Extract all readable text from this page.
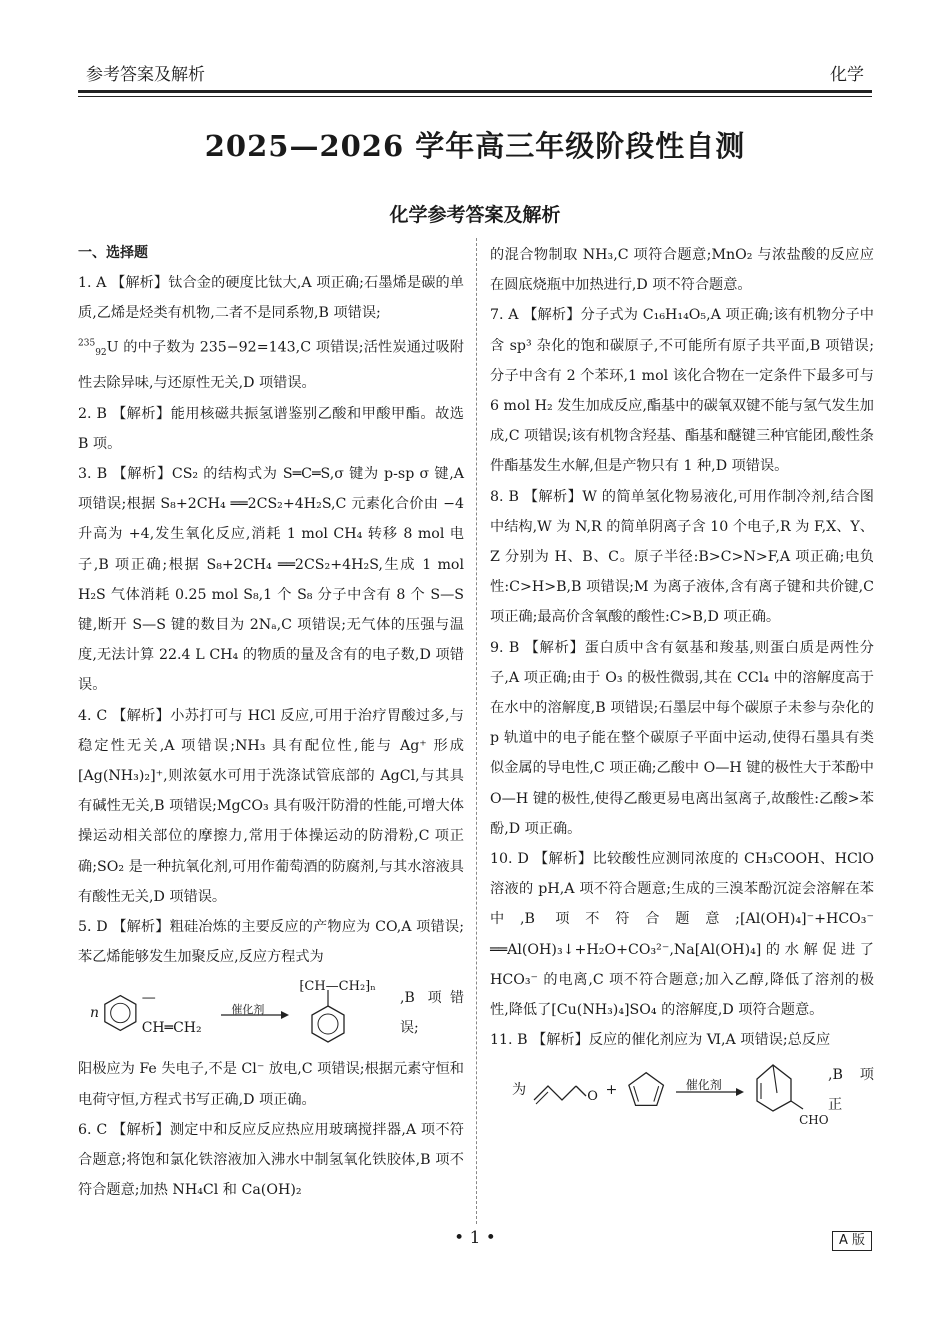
参考答案及解析	化学
2025—2026 学年高三年级阶段性自测
化学参考答案及解析
一、选择题

1. A 【解析】钛合金的硬度比钛大,A 项正确;石墨烯是碳的单质,乙烯是烃类有机物,二者不是同系物,B 项错误;

$^{235}_{92}$U 的中子数为 235−92=143,C 项错误;活性炭通过吸附性去除异味,与还原性无关,D 项错误。

2. B 【解析】能用核磁共振氢谱鉴别乙酸和甲酸甲酯。故选 B 项。

3. B 【解析】CS₂ 的结构式为 S═C═S,σ 键为 p-sp σ 键,A 项错误;根据 S₈+2CH₄ ══2CS₂+4H₂S,C 元素化合价由 −4 升高为 +4,发生氧化反应,消耗 1 mol CH₄ 转移 8 mol 电子,B 项正确;根据 S₈+2CH₄ ══2CS₂+4H₂S,生成 1 mol H₂S 气体消耗 0.25 mol S₈,1 个 S₈ 分子中含有 8 个 S—S 键,断开 S—S 键的数目为 2Nₐ,C 项错误;无气体的压强与温度,无法计算 22.4 L CH₄ 的物质的量及含有的电子数,D 项错误。

4. C 【解析】小苏打可与 HCl 反应,可用于治疗胃酸过多,与稳定性无关,A 项错误;NH₃ 具有配位性,能与 Ag⁺ 形成[Ag(NH₃)₂]⁺,则浓氨水可用于洗涤试管底部的 AgCl,与其具有碱性无关,B 项错误;MgCO₃ 具有吸汗防滑的性能,可增大体操运动相关部位的摩擦力,常用于体操运动的防滑粉,C 项正确;SO₂ 是一种抗氧化剂,可用作葡萄酒的防腐剂,与其水溶液具有酸性无关,D 项错误。

5. D 【解析】粗硅冶炼的主要反应的产物应为 CO,A 项错误;苯乙烯能够发生加聚反应,反应方程式为

n
—CH═CH₂
催化剂
⁅CH—CH₂⁆ₙ
,B 项错误;

阳极应为 Fe 失电子,不是 Cl⁻ 放电,C 项错误;根据元素守恒和电荷守恒,方程式书写正确,D 项正确。

6. C 【解析】测定中和反应反应热应用玻璃搅拌器,A 项不符合题意;将饱和氯化铁溶液加入沸水中制氢氧化铁胶体,B 项不符合题意;加热 NH₄Cl 和 Ca(OH)₂

的混合物制取 NH₃,C 项符合题意;MnO₂ 与浓盐酸的反应应在圆底烧瓶中加热进行,D 项不符合题意。

7. A 【解析】分子式为 C₁₆H₁₄O₅,A 项正确;该有机物分子中含 sp³ 杂化的饱和碳原子,不可能所有原子共平面,B 项错误;分子中含有 2 个苯环,1 mol 该化合物在一定条件下最多可与 6 mol H₂ 发生加成反应,酯基中的碳氧双键不能与氢气发生加成,C 项错误;该有机物含羟基、酯基和醚键三种官能团,酸性条件酯基发生水解,但是产物只有 1 种,D 项错误。

8. B 【解析】W 的简单氢化物易液化,可用作制冷剂,结合图中结构,W 为 N,R 的简单阴离子含 10 个电子,R 为 F,X、Y、Z 分别为 H、B、C。原子半径:B>C>N>F,A 项正确;电负性:C>H>B,B 项错误;M 为离子液体,含有离子键和共价键,C 项正确;最高价含氧酸的酸性:C>B,D 项正确。

9. B 【解析】蛋白质中含有氨基和羧基,则蛋白质是两性分子,A 项正确;由于 O₃ 的极性微弱,其在 CCl₄ 中的溶解度高于在水中的溶解度,B 项错误;石墨层中每个碳原子未参与杂化的 p 轨道中的电子能在整个碳原子平面中运动,使得石墨具有类似金属的导电性,C 项正确;乙酸中 O—H 键的极性大于苯酚中 O—H 键的极性,使得乙酸更易电离出氢离子,故酸性:乙酸>苯酚,D 项正确。

10. D 【解析】比较酸性应测同浓度的 CH₃COOH、HClO 溶液的 pH,A 项不符合题意;生成的三溴苯酚沉淀会溶解在苯中,B 项不符合题意;[Al(OH)₄]⁻+HCO₃⁻ ══Al(OH)₃↓+H₂O+CO₃²⁻,Na[Al(OH)₄]的水解促进了 HCO₃⁻ 的电离,C 项不符合题意;加入乙醇,降低了溶剂的极性,降低了[Cu(NH₃)₄]SO₄ 的溶解度,D 项符合题意。

11. B 【解析】反应的催化剂应为 Ⅵ,A 项错误;总反应

为	O +	催化剂
CHO
,B 项正
• 1 •	A 版
